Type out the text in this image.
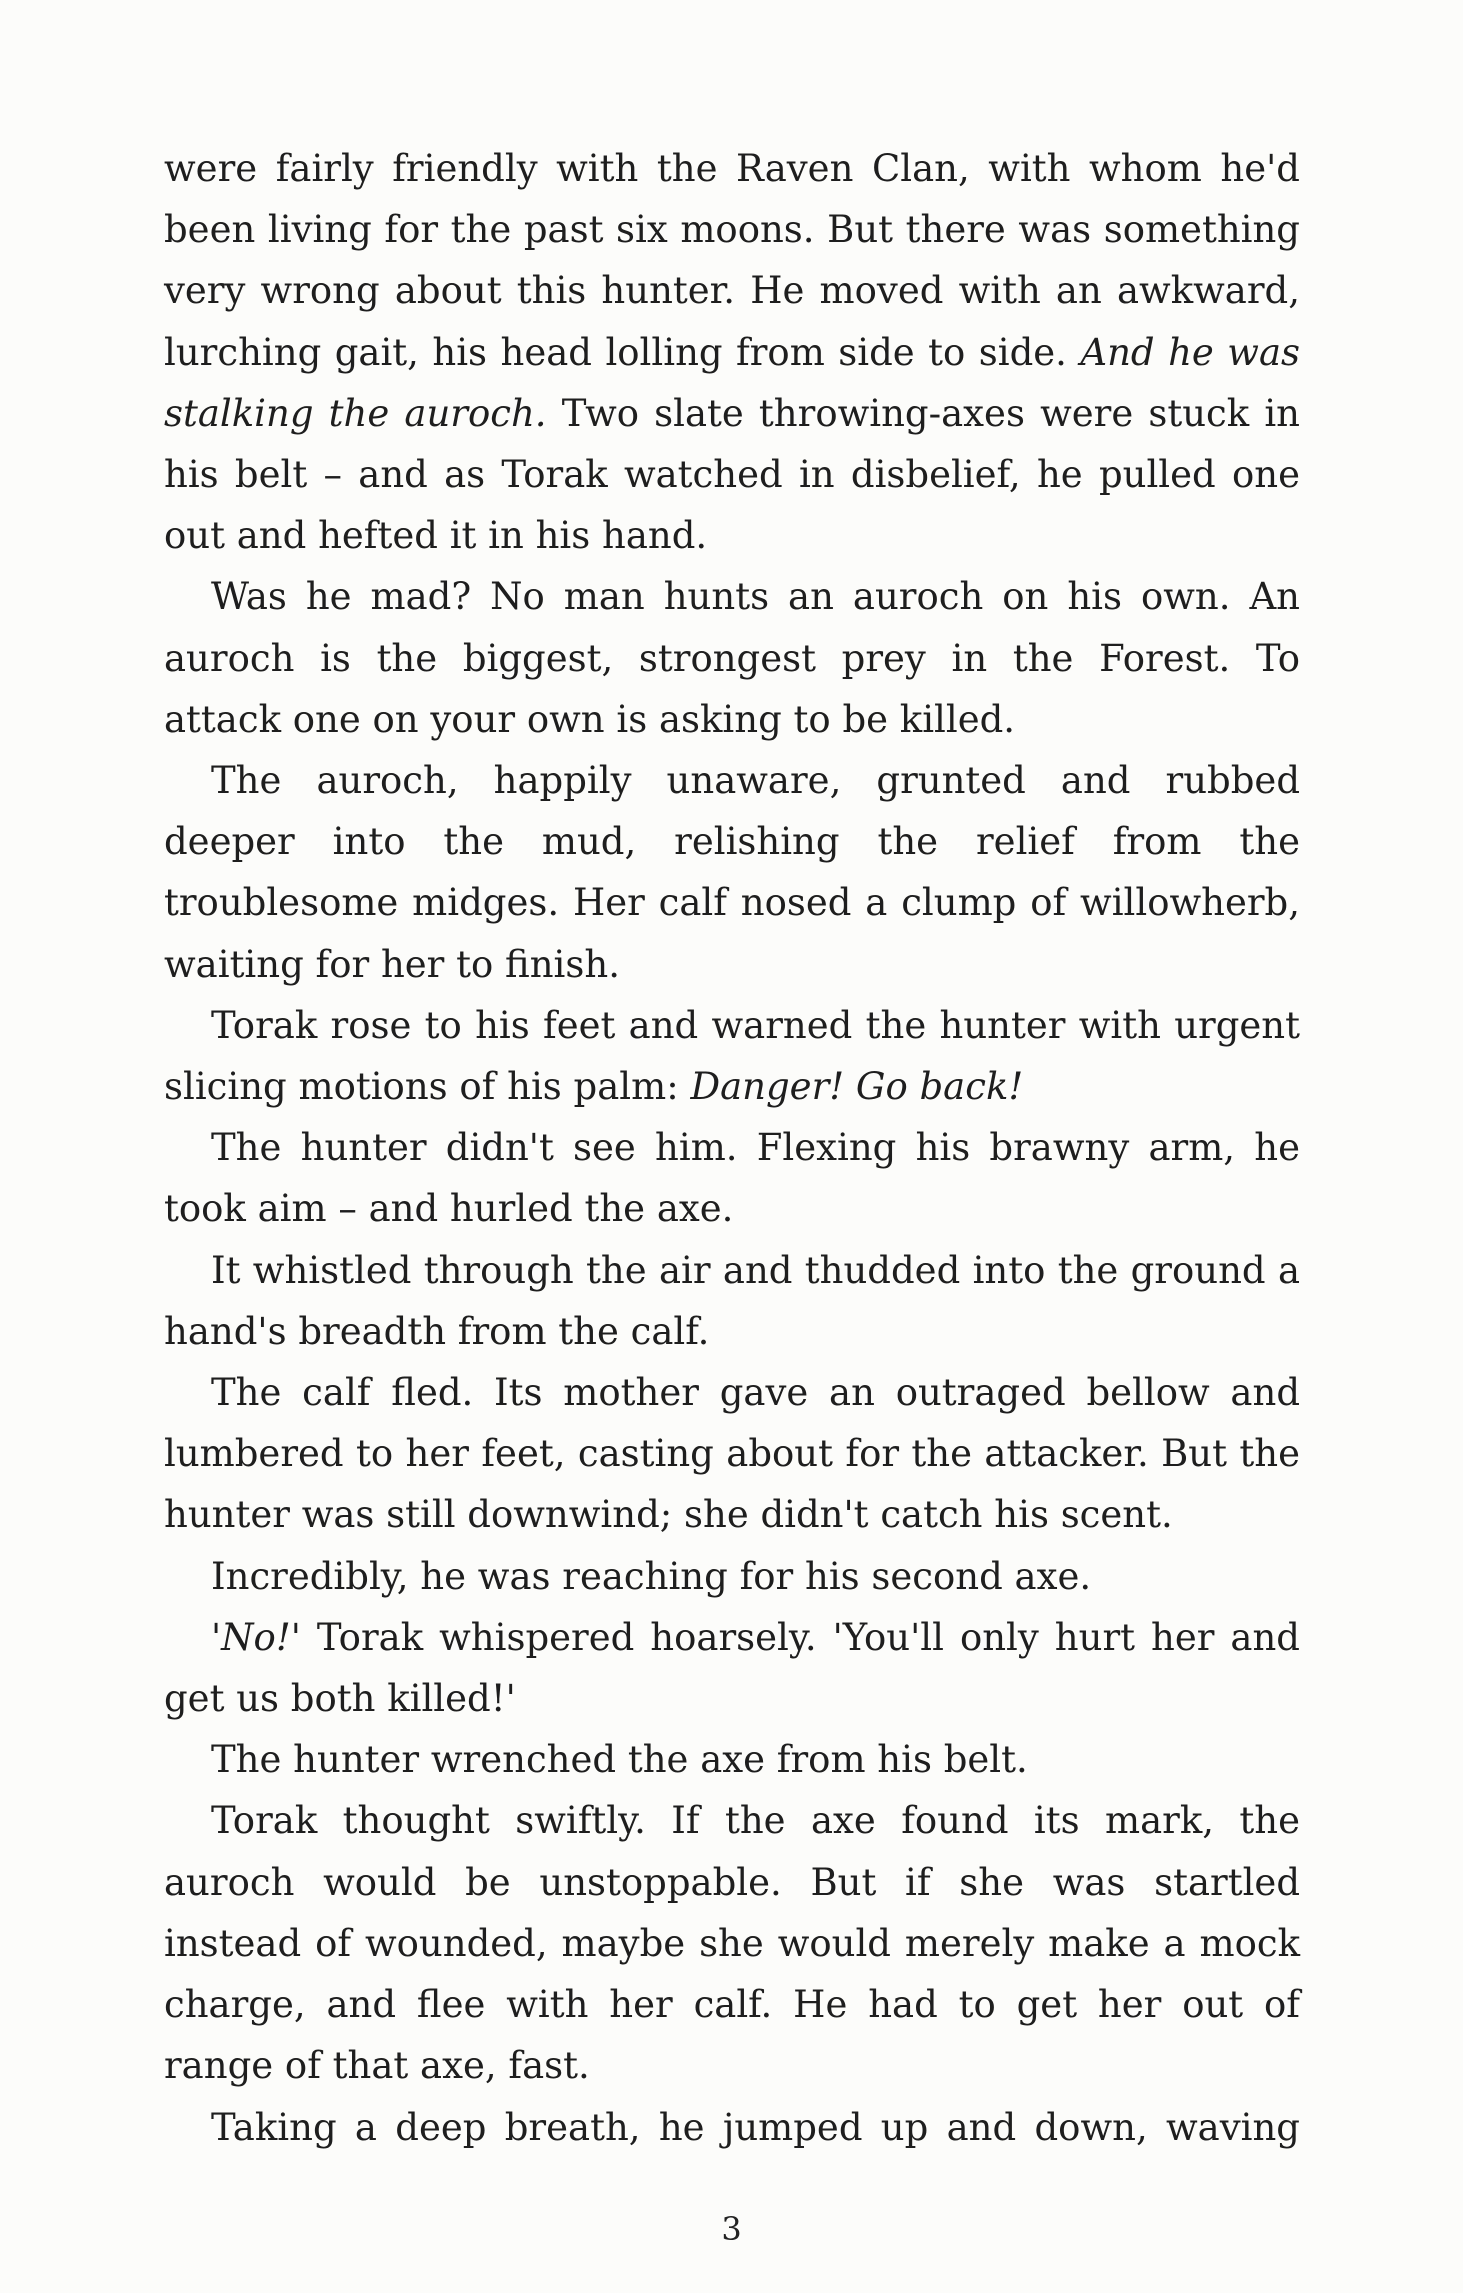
were fairly friendly with the Raven Clan, with whom he'd been living for the past six moons. But there was something very wrong about this hunter. He moved with an awkward, lurching gait, his head lolling from side to side. And he was stalking the auroch. Two slate throwing-axes were stuck in his belt – and as Torak watched in disbelief, he pulled one out and hefted it in his hand.

Was he mad? No man hunts an auroch on his own. An auroch is the biggest, strongest prey in the Forest. To attack one on your own is asking to be killed.

The auroch, happily unaware, grunted and rubbed deeper into the mud, relishing the relief from the troublesome midges. Her calf nosed a clump of willowherb, waiting for her to finish.

Torak rose to his feet and warned the hunter with urgent slicing motions of his palm: Danger! Go back!

The hunter didn't see him. Flexing his brawny arm, he took aim – and hurled the axe.

It whistled through the air and thudded into the ground a hand's breadth from the calf.

The calf fled. Its mother gave an outraged bellow and lumbered to her feet, casting about for the attacker. But the hunter was still downwind; she didn't catch his scent.

Incredibly, he was reaching for his second axe.

'No!' Torak whispered hoarsely. 'You'll only hurt her and get us both killed!'

The hunter wrenched the axe from his belt.

Torak thought swiftly. If the axe found its mark, the auroch would be unstoppable. But if she was startled instead of wounded, maybe she would merely make a mock charge, and flee with her calf. He had to get her out of range of that axe, fast.

Taking a deep breath, he jumped up and down, waving

3
